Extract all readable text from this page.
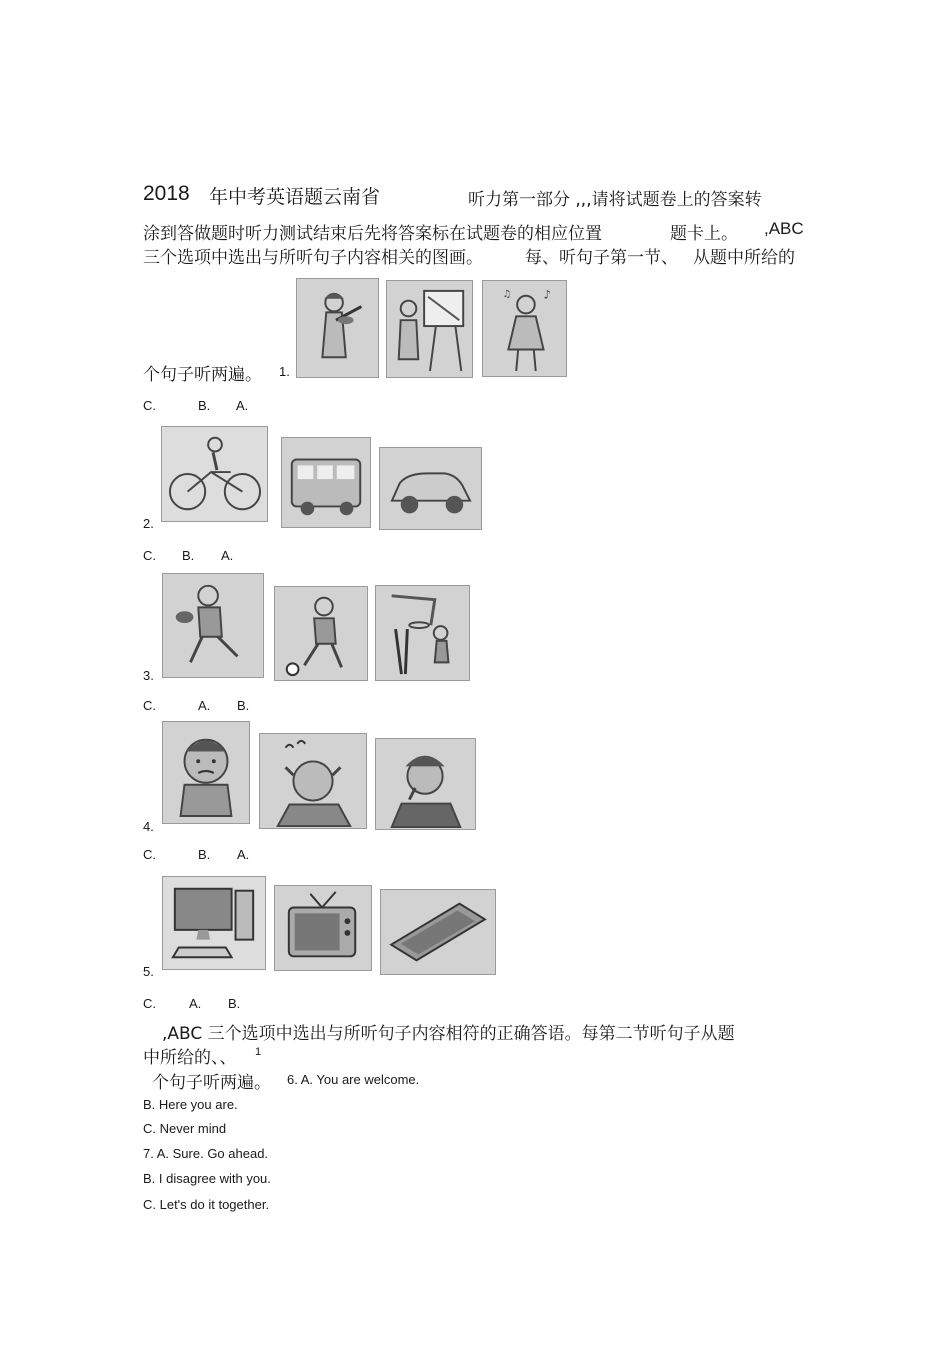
2018 年中考英语题云南省	听力第一部分 ,,,请将试题卷上的答案转
涂到答做题时听力测试结束后先将答案标在试题卷的相应位置	题卡上。 ,ABC
三个选项中选出与所听句子内容相关的图画。 每、听句子第一节、 从题中所给的
个句子听两遍。 1.
♪
♫
C.	B. A.
2.
C. B. A.
3.
C.	A. B.
4.
C.	B. A.
5.
C.	A. B.
,ABC 三个选项中选出与所听句子内容相符的正确答语。每第二节听句子从题
中所给的、、 1
个句子听两遍。 6. A. You are welcome.
B. Here you are.
C. Never mind
7. A. Sure. Go ahead.
B. I disagree with you.
C. Let's do it together.
